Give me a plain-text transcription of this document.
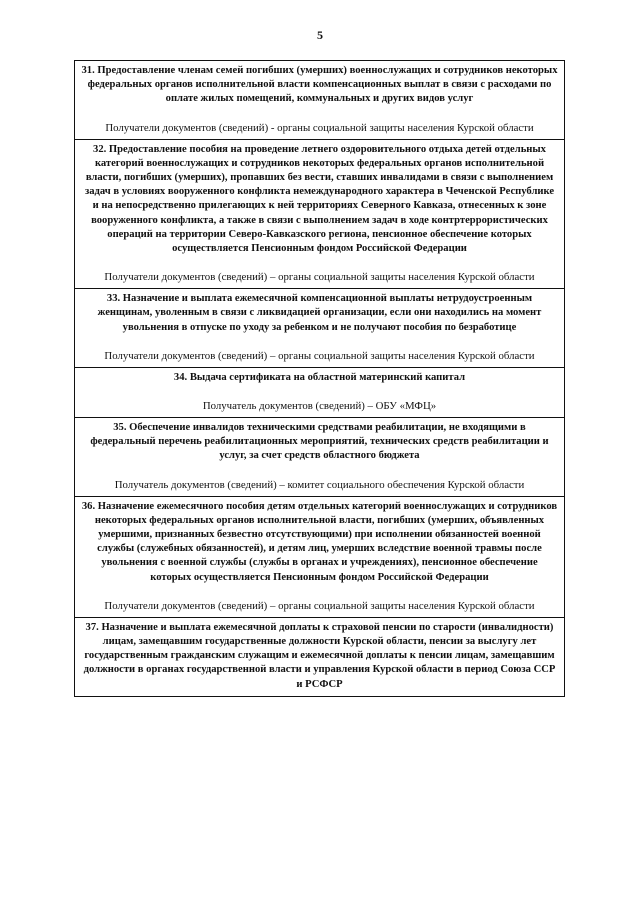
5

31. Предоставление членам семей погибших (умерших) военнослужащих и сотрудников некоторых федеральных органов исполнительной власти компенсационных выплат в связи с расходами по оплате жилых помещений, коммунальных и других видов услуг

Получатели документов (сведений) - органы социальной защиты населения Курской области

32. Предоставление пособия на проведение летнего оздоровительного отдыха детей отдельных категорий военнослужащих и сотрудников некоторых федеральных органов исполнительной власти, погибших (умерших), пропавших без вести, ставших инвалидами в связи с выполнением задач в условиях вооруженного конфликта немеждународного характера в Чеченской Республике и на непосредственно прилегающих к ней территориях Северного Кавказа, отнесенных к зоне вооруженного конфликта, а также в связи с выполнением задач в ходе контртеррористических операций на территории Северо-Кавказского региона, пенсионное обеспечение которых осуществляется Пенсионным фондом Российской Федерации

Получатели документов (сведений) – органы социальной защиты населения Курской области

33. Назначение и выплата ежемесячной компенсационной выплаты нетрудоустроенным женщинам, уволенным в связи с ликвидацией организации, если они находились на момент увольнения в отпуске по уходу за ребенком и не получают пособия по безработице

Получатели документов (сведений) – органы социальной защиты населения Курской области

34. Выдача сертификата на областной материнский капитал

Получатель документов (сведений) – ОБУ «МФЦ»

35. Обеспечение инвалидов техническими средствами реабилитации, не входящими в федеральный перечень реабилитационных мероприятий, технических средств реабилитации и услуг, за счет средств областного бюджета

Получатель документов (сведений) – комитет социального обеспечения Курской области

36. Назначение ежемесячного пособия детям отдельных категорий военнослужащих и сотрудников некоторых федеральных органов исполнительной власти, погибших (умерших, объявленных умершими, признанных безвестно отсутствующими) при исполнении обязанностей военной службы (служебных обязанностей), и детям лиц, умерших вследствие военной травмы после увольнения с военной службы (службы в органах и учреждениях), пенсионное обеспечение которых осуществляется Пенсионным фондом Российской Федерации

Получатели документов (сведений) – органы социальной защиты населения Курской области

37. Назначение и выплата ежемесячной доплаты к страховой пенсии по старости (инвалидности) лицам, замещавшим государственные должности Курской области, пенсии за выслугу лет государственным гражданским служащим и ежемесячной доплаты к пенсии лицам, замещавшим должности в органах государственной власти и управления Курской области в период Союза ССР и РСФСР
